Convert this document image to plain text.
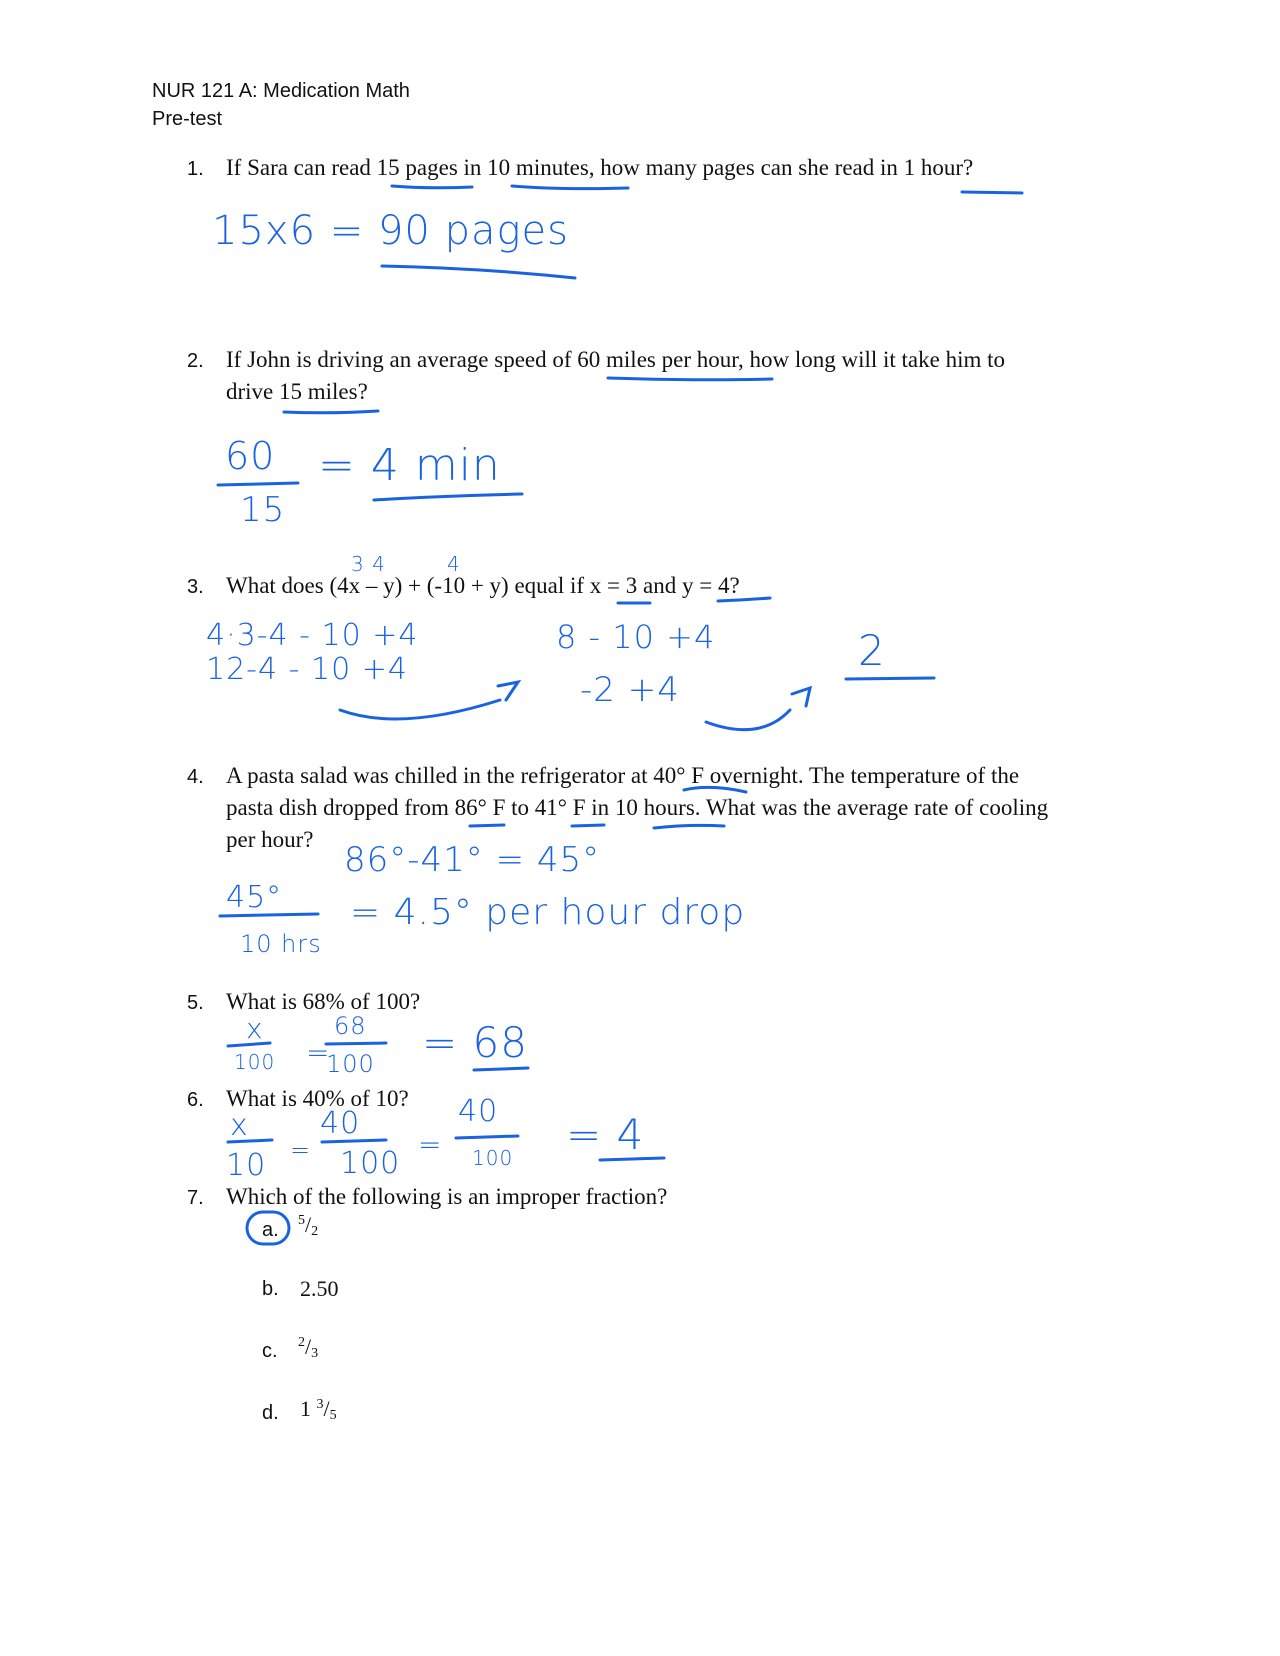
NUR 121 A: Medication Math
Pre-test
1. If Sara can read 15 pages in 10 minutes, how many pages can she read in 1 hour?
15x6 = 90 pages
2. If John is driving an average speed of 60 miles per hour, how long will it take him to
drive 15 miles?
60
15
= 4 min
3 4	4
3. What does (4x – y) + (-10 + y) equal if x = 3 and y = 4?
4·3-4 - 10 +4
12-4 - 10 +4
8 - 10 +4
-2 +4
2
4. A pasta salad was chilled in the refrigerator at 40° F overnight. The temperature of the
pasta dish dropped from 86° F to 41° F in 10 hours. What was the average rate of cooling
per hour?
86°-41° = 45°
45°
10 hrs
= 4.5° per hour drop
5. What is 68% of 100?
x
100 =
68
100 = 68
6. What is 40% of 10?
x
10 =
40
100
=
40
100 = 4
7. Which of the following is an improper fraction?
a. $^5/_2$
b. 2.50
c. $^2/_3$
d. 1 $^3/_5$
